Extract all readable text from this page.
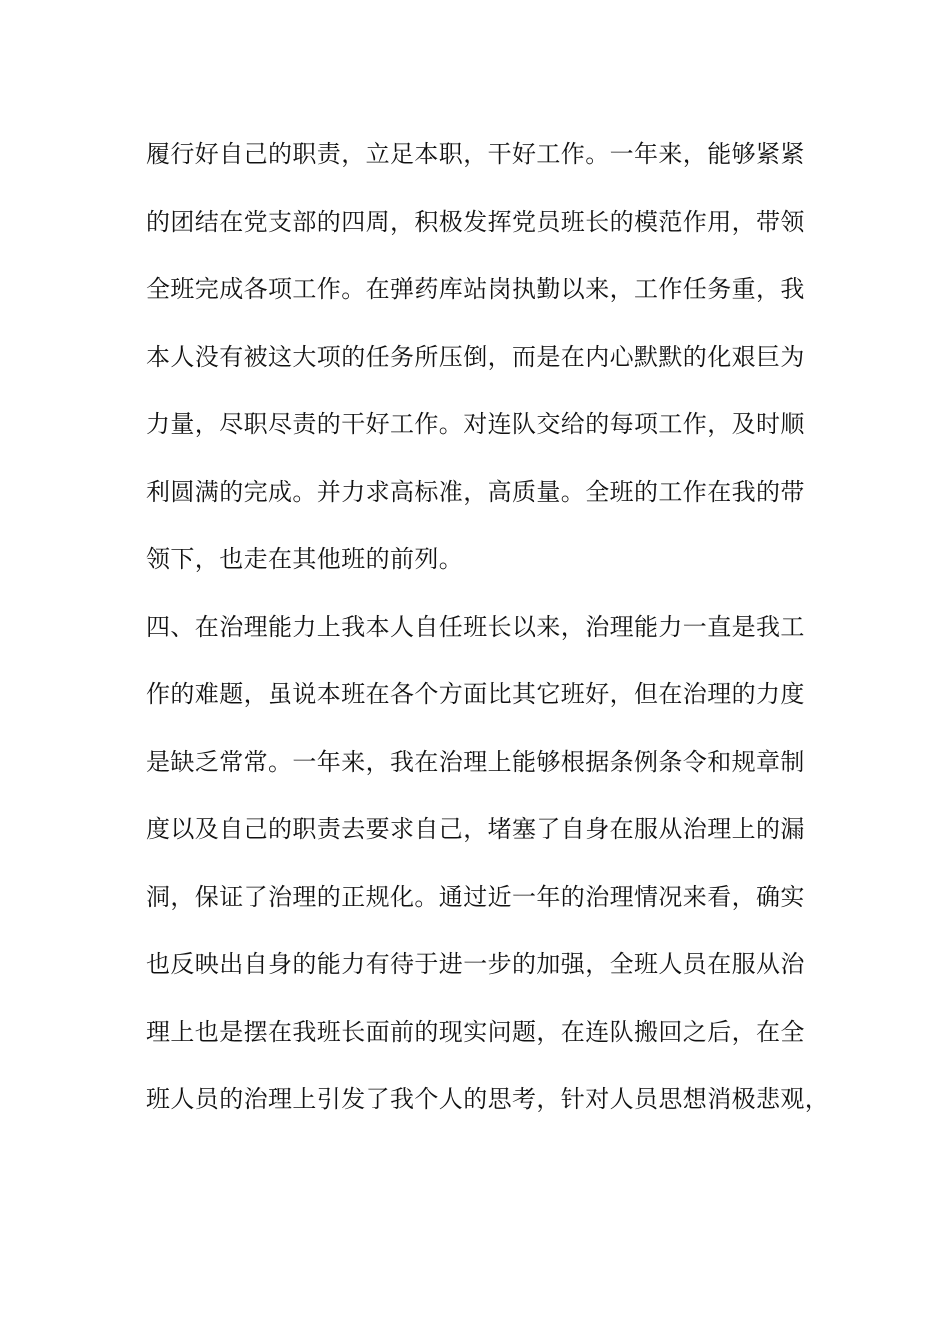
履行好自己的职责，立足本职，干好工作。一年来，能够紧紧
的团结在党支部的四周，积极发挥党员班长的模范作用，带领
全班完成各项工作。在弹药库站岗执勤以来，工作任务重，我
本人没有被这大项的任务所压倒，而是在内心默默的化艰巨为
力量，尽职尽责的干好工作。对连队交给的每项工作，及时顺
利圆满的完成。并力求高标准，高质量。全班的工作在我的带
领下，也走在其他班的前列。
四、在治理能力上我本人自任班长以来，治理能力一直是我工
作的难题，虽说本班在各个方面比其它班好，但在治理的力度
是缺乏常常。一年来，我在治理上能够根据条例条令和规章制
度以及自己的职责去要求自己，堵塞了自身在服从治理上的漏
洞，保证了治理的正规化。通过近一年的治理情况来看，确实
也反映出自身的能力有待于进一步的加强，全班人员在服从治
理上也是摆在我班长面前的现实问题，在连队搬回之后，在全
班人员的治理上引发了我个人的思考，针对人员思想消极悲观，
